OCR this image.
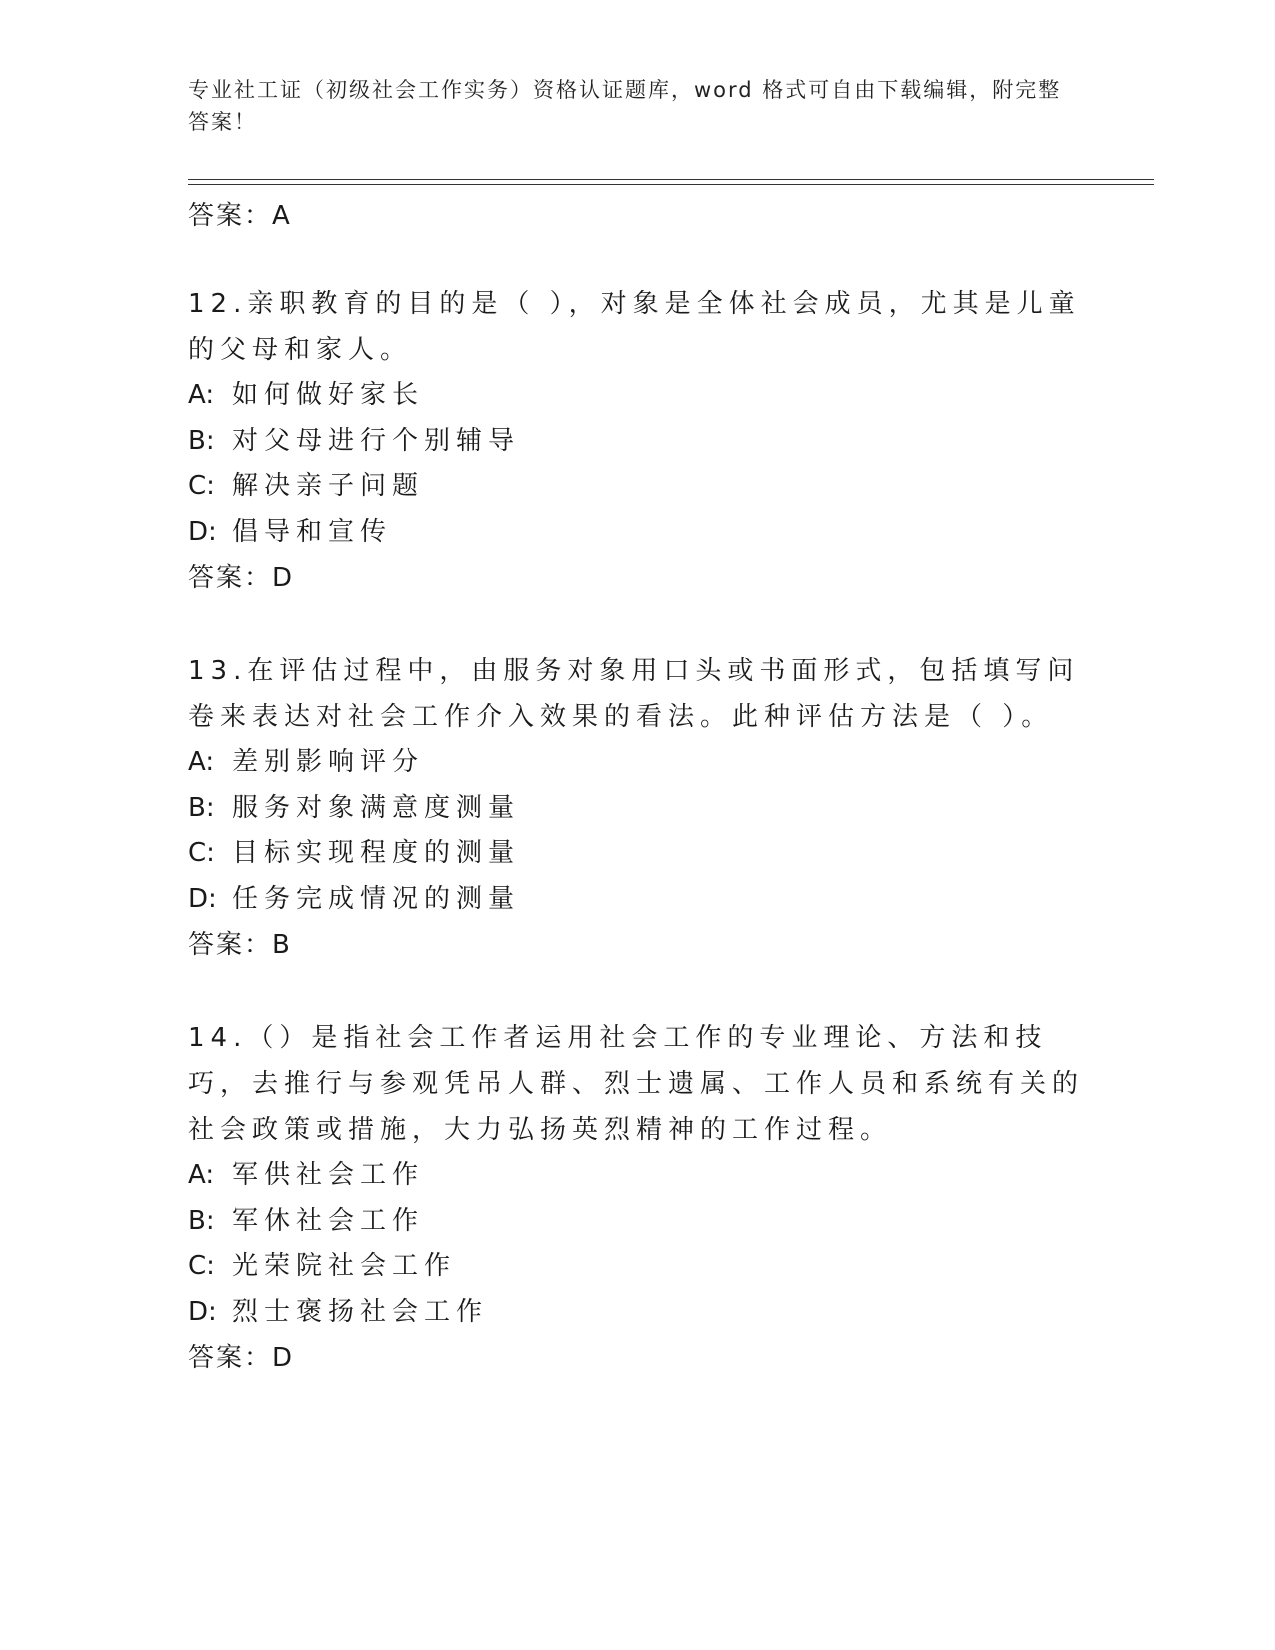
专业社工证（初级社会工作实务）资格认证题库，word 格式可自由下载编辑，附完整答案！

答案：A

12.亲职教育的目的是（ ），对象是全体社会成员，尤其是儿童的父母和家人。

A: 如何做好家长

B: 对父母进行个别辅导

C: 解决亲子问题

D: 倡导和宣传

答案：D

13.在评估过程中，由服务对象用口头或书面形式，包括填写问卷来表达对社会工作介入效果的看法。此种评估方法是（ ）。

A: 差别影响评分

B: 服务对象满意度测量

C: 目标实现程度的测量

D: 任务完成情况的测量

答案：B

14.（）是指社会工作者运用社会工作的专业理论、方法和技巧，去推行与参观凭吊人群、烈士遗属、工作人员和系统有关的社会政策或措施，大力弘扬英烈精神的工作过程。

A: 军供社会工作

B: 军休社会工作

C: 光荣院社会工作

D: 烈士褒扬社会工作

答案：D
